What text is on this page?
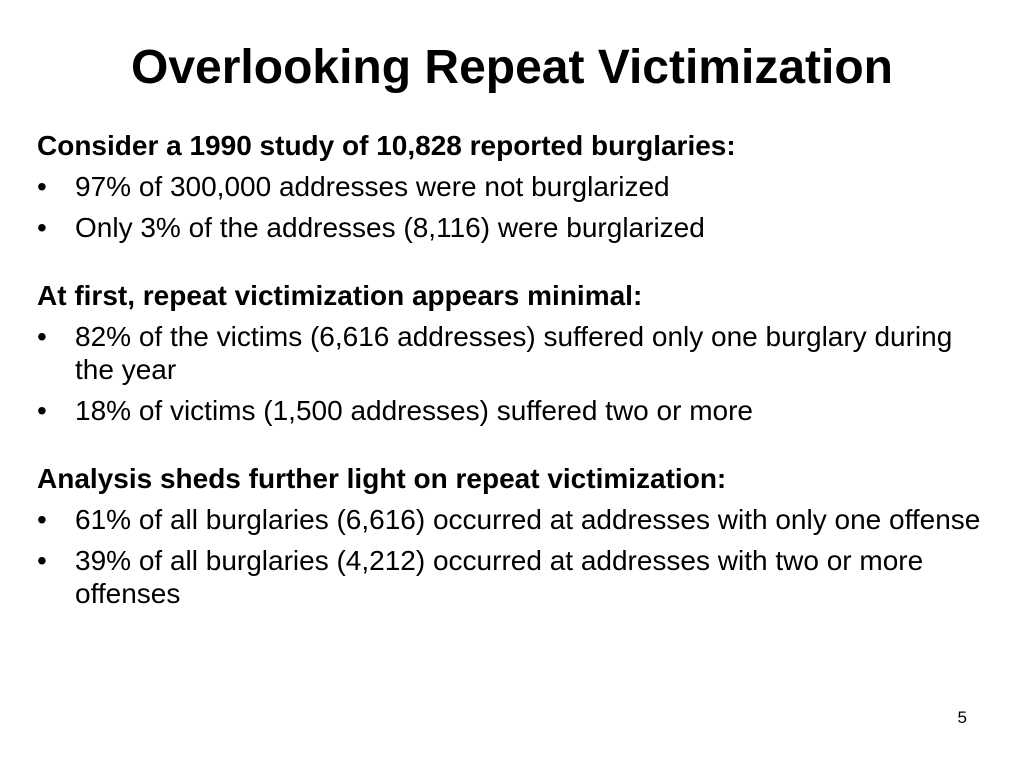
Overlooking Repeat Victimization
Consider a 1990 study of 10,828 reported burglaries:
•	97% of 300,000 addresses were not burglarized
•	Only 3% of the addresses (8,116) were burglarized
At first, repeat victimization appears minimal:
•	82% of the victims (6,616 addresses) suffered only one burglary during the year
•	18% of victims (1,500 addresses) suffered two or more
Analysis sheds further light on repeat victimization:
•	61% of all burglaries (6,616) occurred at addresses with only one offense
•	39% of all burglaries (4,212) occurred at addresses with two or more offenses
5
